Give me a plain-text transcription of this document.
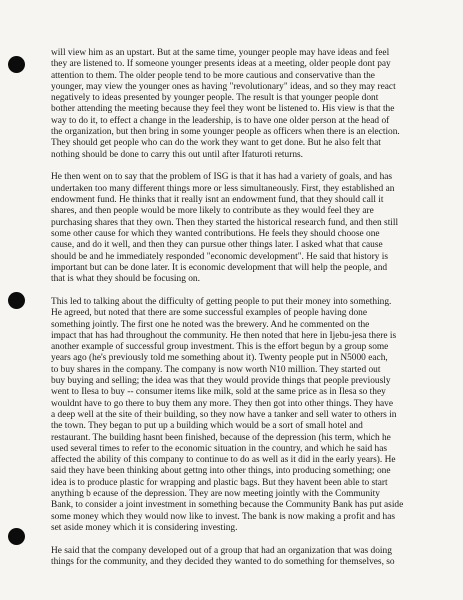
will view him as an upstart. But at the same time, younger people may have ideas and feel
they are listened to. If someone younger presents ideas at a meeting, older people dont pay
attention to them. The older people tend to be more cautious and conservative than the
younger, may view the younger ones as having "revolutionary" ideas, and so they may react
negatively to ideas presented by younger people. The result is that younger people dont
bother attending the meeting because they feel they wont be listened to. His view is that the
way to do it, to effect a change in the leadership, is to have one older person at the head of
the organization, but then bring in some younger people as officers when there is an election.
They should get people who can do the work they want to get done. But he also felt that
nothing should be done to carry this out until after Ifaturoti returns.

He then went on to say that the problem of ISG is that it has had a variety of goals, and has
undertaken too many different things more or less simultaneously. First, they established an
endowment fund. He thinks that it really isnt an endowment fund, that they should call it
shares, and then people would be more likely to contribute as they would feel they are
purchasing shares that they own. Then they started the historical research fund, and then still
some other cause for which they wanted contributions. He feels they should choose one
cause, and do it well, and then they can pursue other things later. I asked what that cause
should be and he immediately responded "economic development". He said that history is
important but can be done later. It is economic development that will help the people, and
that is what they should be focusing on.

This led to talking about the difficulty of getting people to put their money into something.
He agreed, but noted that there are some successful examples of people having done
something jointly. The first one he noted was the brewery. And he commented on the
impact that has had throughout the community. He then noted that here in Ijebu-jesa there is
another example of successful group investment. This is the effort begun by a group some
years ago (he's previously told me something about it). Twenty people put in N5000 each,
to buy shares in the company. The company is now worth N10 million. They started out
buy buying and selling; the idea was that they would provide things that people previously
went to Ilesa to buy -- consumer items like milk, sold at the same price as in Ilesa so they
wouldnt have to go there to buy them any more. They then got into other things. They have
a deep well at the site of their building, so they now have a tanker and sell water to others in
the town. They began to put up a building which would be a sort of small hotel and
restaurant. The building hasnt been finished, because of the depression (his term, which he
used several times to refer to the economic situation in the country, and which he said has
affected the ability of this company to continue to do as well as it did in the early years). He
said they have been thinking about gettng into other things, into producing something; one
idea is to produce plastic for wrapping and plastic bags. But they havent been able to start
anything b ecause of the depression. They are now meeting jointly with the Community
Bank, to consider a joint investment in something because the Community Bank has put aside
some money which they would now like to invest. The bank is now making a profit and has
set aside money which it is considering investing.

He said that the company developed out of a group that had an organization that was doing
things for the community, and they decided they wanted to do something for themselves, so
